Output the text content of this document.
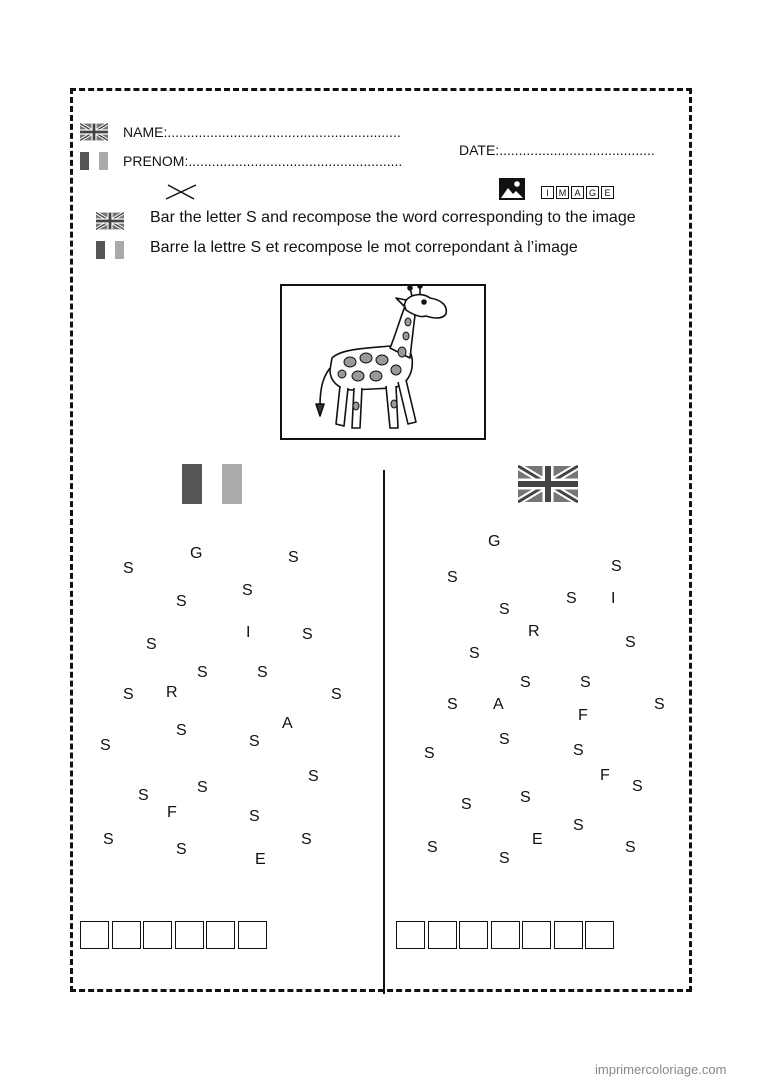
NAME:............................................................
PRENOM:.......................................................
DATE:........................................
I	M A G E
Bar the letter S and recompose the word corresponding to the image
Barre la lettre S et recompose le mot correpondant à l’image
G
S
S
S
S
S
I	S
S	S
S	S
R
S	A
S
S
S
S
S
S
F
S	S
S
E
G
S
S
S I
S
R
S
S
S	S
S A
F
S
S
S
S
F
S
S
S
S
E
S	S
S
imprimercoloriage.com
